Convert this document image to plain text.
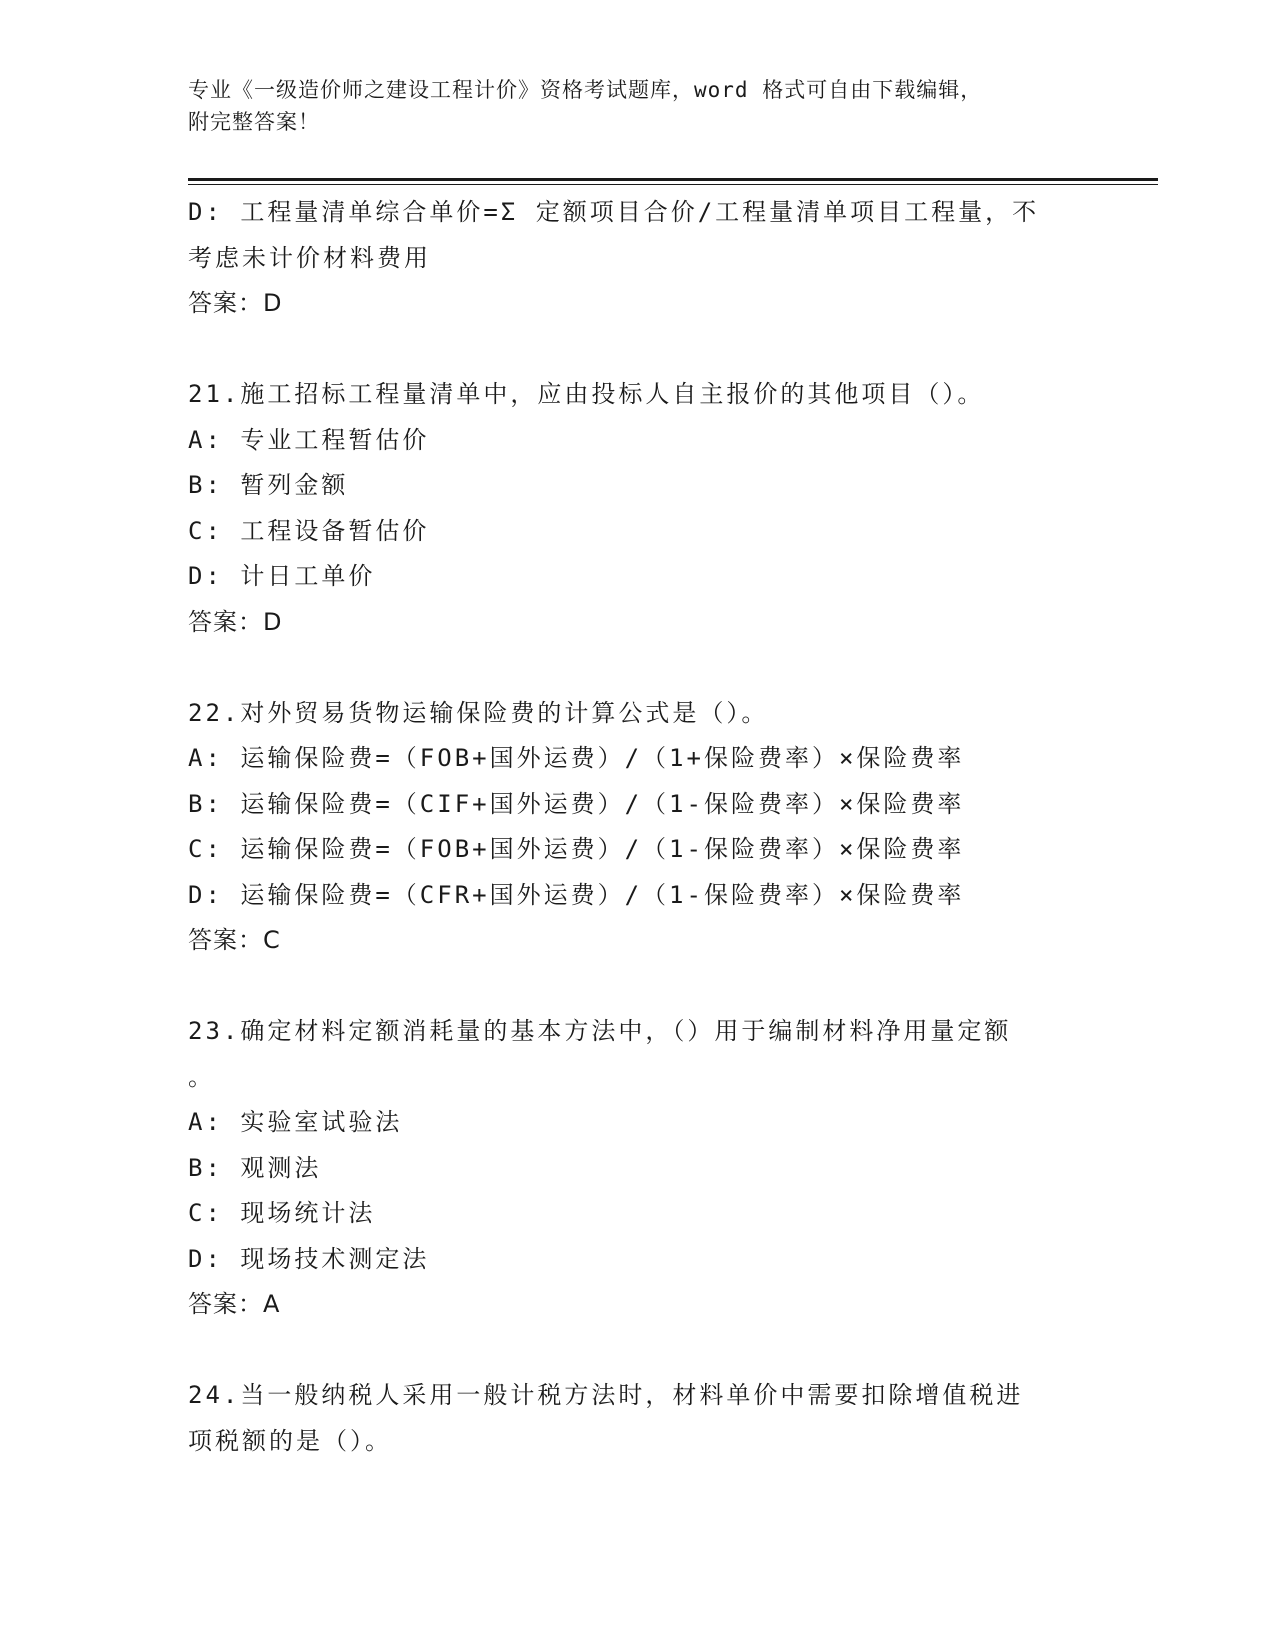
专业《一级造价师之建设工程计价》资格考试题库，word 格式可自由下载编辑，
附完整答案！
D: 工程量清单综合单价=Σ 定额项目合价/工程量清单项目工程量，不
考虑未计价材料费用
答案：D
21.施工招标工程量清单中，应由投标人自主报价的其他项目（）。
A: 专业工程暂估价
B: 暂列金额
C: 工程设备暂估价
D: 计日工单价
答案：D
22.对外贸易货物运输保险费的计算公式是（）。
A: 运输保险费=（FOB+国外运费）/（1+保险费率）×保险费率
B: 运输保险费=（CIF+国外运费）/（1-保险费率）×保险费率
C: 运输保险费=（FOB+国外运费）/（1-保险费率）×保险费率
D: 运输保险费=（CFR+国外运费）/（1-保险费率）×保险费率
答案：C
23.确定材料定额消耗量的基本方法中，（）用于编制材料净用量定额
。
A: 实验室试验法
B: 观测法
C: 现场统计法
D: 现场技术测定法
答案：A
24.当一般纳税人采用一般计税方法时，材料单价中需要扣除增值税进
项税额的是（）。
